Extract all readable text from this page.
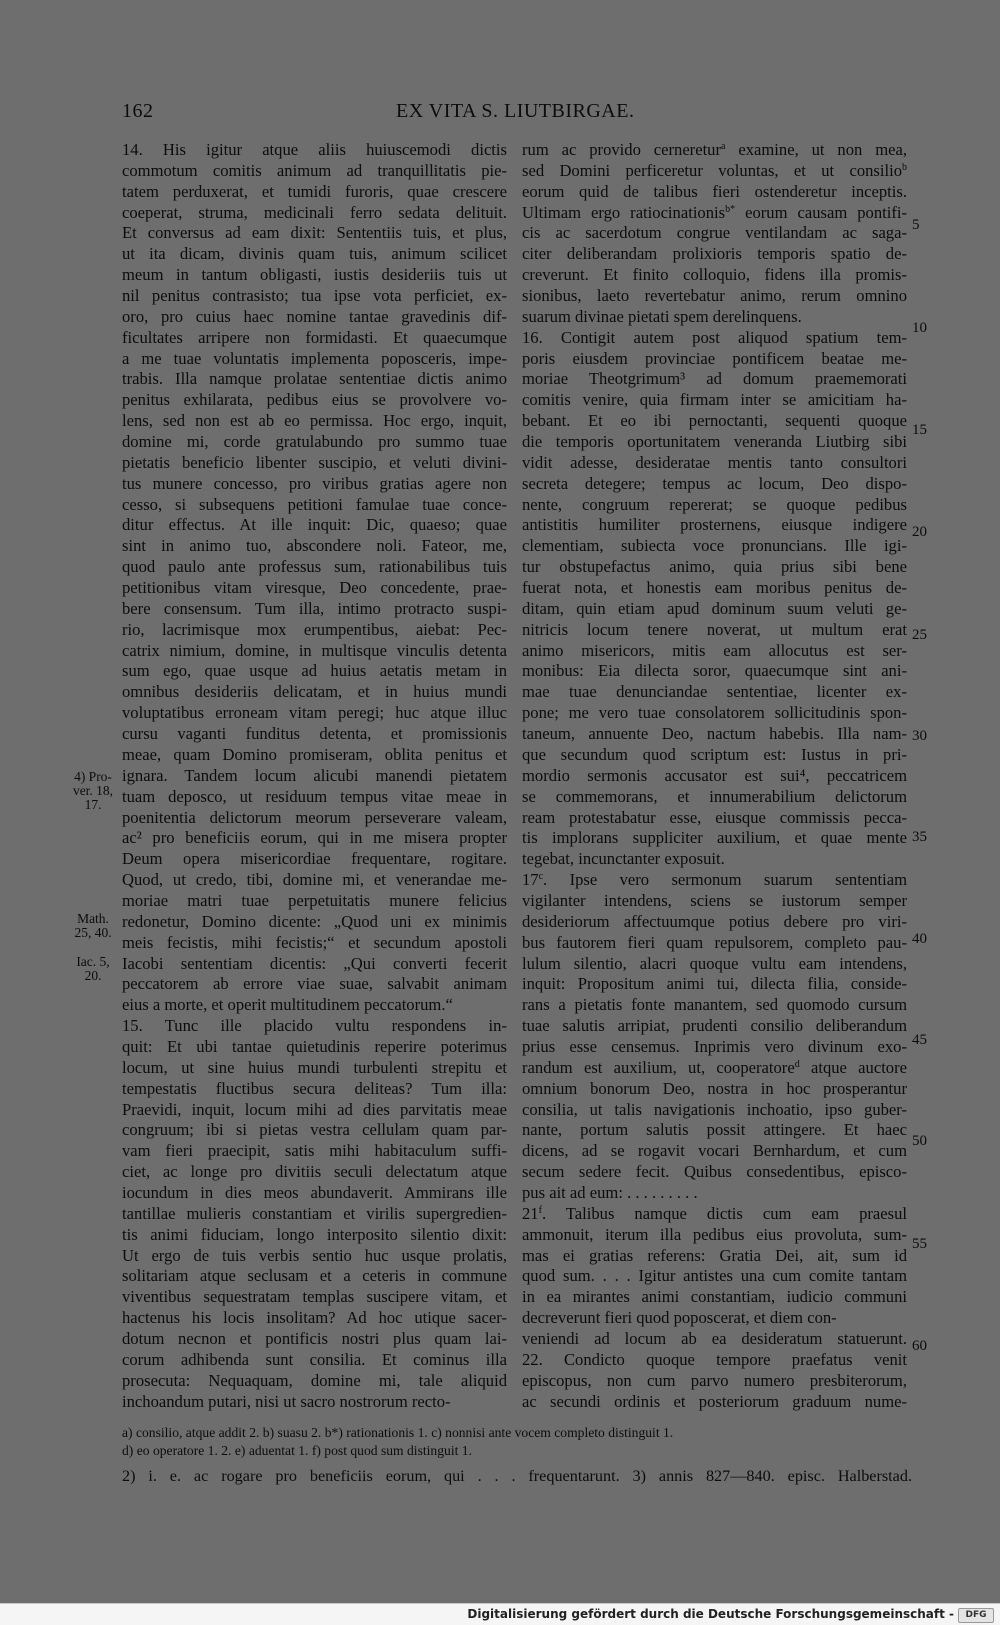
162	EX VITA S. LIUTBIRGAE.
14. His igitur atque aliis huiuscemodi dictis
commotum comitis animum ad tranquillitatis pie-
tatem perduxerat, et tumidi furoris, quae crescere
coeperat, struma, medicinali ferro sedata delituit.
Et conversus ad eam dixit: Sententiis tuis, et plus,
ut ita dicam, divinis quam tuis, animum scilicet
meum in tantum obligasti, iustis desideriis tuis ut
nil penitus contrasisto; tua ipse vota perficiet, ex-
oro, pro cuius haec nomine tantae gravedinis dif-
ficultates arripere non formidasti. Et quaecumque
a me tuae voluntatis implementa poposceris, impe-
trabis. Illa namque prolatae sententiae dictis animo
penitus exhilarata, pedibus eius se provolvere vo-
lens, sed non est ab eo permissa. Hoc ergo, inquit,
domine mi, corde gratulabundo pro summo tuae
pietatis beneficio libenter suscipio, et veluti divini-
tus munere concesso, pro viribus gratias agere non
cesso, si subsequens petitioni famulae tuae conce-
ditur effectus. At ille inquit: Dic, quaeso; quae
sint in animo tuo, abscondere noli. Fateor, me,
quod paulo ante professus sum, rationabilibus tuis
petitionibus vitam viresque, Deo concedente, prae-
bere consensum. Tum illa, intimo protracto suspi-
rio, lacrimisque mox erumpentibus, aiebat: Pec-
catrix nimium, domine, in multisque vinculis detenta
sum ego, quae usque ad huius aetatis metam in
omnibus desideriis delicatam, et in huius mundi
voluptatibus erroneam vitam peregi; huc atque illuc
cursu vaganti funditus detenta, et promissionis
meae, quam Domino promiseram, oblita penitus et
ignara. Tandem locum alicubi manendi pietatem
tuam deposco, ut residuum tempus vitae meae in
poenitentia delictorum meorum perseverare valeam,
ac² pro beneficiis eorum, qui in me misera propter
Deum opera misericordiae frequentare, rogitare.
Quod, ut credo, tibi, domine mi, et venerandae me-
moriae matri tuae perpetuitatis munere felicius
redonetur, Domino dicente: „Quod uni ex minimis
meis fecistis, mihi fecistis;“ et secundum apostoli
Iacobi sententiam dicentis: „Qui converti fecerit
peccatorem ab errore viae suae, salvabit animam
eius a morte, et operit multitudinem peccatorum.“
15. Tunc ille placido vultu respondens in-
quit: Et ubi tantae quietudinis reperire poterimus
locum, ut sine huius mundi turbulenti strepitu et
tempestatis fluctibus secura delitеas? Tum illa:
Praevidi, inquit, locum mihi ad dies parvitatis meae
congruum; ibi si pietas vestra cellulam quam par-
vam fieri praecipit, satis mihi habitaculum suffi-
ciet, ac longe pro divitiis seculi delectatum atque
iocundum in dies meos abundaverit. Ammirans ille
tantillae mulieris constantiam et virilis supergredien-
tis animi fiduciam, longo interposito silentio dixit:
Ut ergo de tuis verbis sentio huc usque prolatis,
solitariam atque seclusam et a ceteris in commune
viventibus sequestratam templas suscipere vitam, et
hactenus his locis insolitam? Ad hoc utique sacer-
dotum necnon et pontificis nostri plus quam lai-
corum adhibenda sunt consilia. Et cominus illa
prosecuta: Nequaquam, domine mi, tale aliquid
inchoandum putari, nisi ut sacro nostrorum recto-
rum ac provido cerneretur$^a$ examine, ut non mea,
sed Domini perficeretur voluntas, et ut consilio$^b$
eorum quid de talibus fieri ostenderetur inceptis.
Ultimam ergo ratiocinationis$^{b*}$ eorum causam pontifi-
cis ac sacerdotum congrue ventilandam ac saga-
citer deliberandam prolixioris temporis spatio de-
creverunt. Et finito colloquio, fidens illa promis-
sionibus, laeto revertebatur animo, rerum omnino
suarum divinae pietati spem derelinquens.
16. Contigit autem post aliquod spatium tem-
poris eiusdem provinciae pontificem beatae me-
moriae Theotgrimum³ ad domum praememorati
comitis venire, quia firmam inter se amicitiam ha-
bebant. Et eo ibi pernoctanti, sequenti quoque
die temporis oportunitatem veneranda Liutbirg sibi
vidit adesse, desideratae mentis tanto consultori
secreta detegere; tempus ac locum, Deo dispo-
nente, congruum repererat; se quoque pedibus
antistitis humiliter prosternens, eiusque indigere
clementiam, subiecta voce pronuncians. Ille igi-
tur obstupefactus animo, quia prius sibi bene
fuerat nota, et honestis eam moribus penitus de-
ditam, quin etiam apud dominum suum veluti ge-
nitricis locum tenere noverat, ut multum erat
animo misericors, mitis eam allocutus est ser-
monibus: Eia dilecta soror, quaecumque sint ani-
mae tuae denunciandae sententiae, licenter ex-
pone; me vero tuae consolatorem sollicitudinis spon-
taneum, annuente Deo, nactum habebis. Illa nam-
que secundum quod scriptum est: Iustus in pri-
mordio sermonis accusator est sui⁴, peccatricem
se commemorans, et innumerabilium delictorum
ream protestabatur esse, eiusque commissis pecca-
tis implorans suppliciter auxilium, et quae mente
tegebat, incunctanter exposuit.
17$^c$. Ipse vero sermonum suarum sententiam
vigilanter intendens, sciens se iustorum semper
desideriorum affectuumque potius debere pro viri-
bus fautorem fieri quam repulsorem, completo pau-
lulum silentio, alacri quoque vultu eam intendens,
inquit: Propositum animi tui, dilecta filia, conside-
rans a pietatis fonte manantem, sed quomodo cursum
tuae salutis arripiat, prudenti consilio deliberandum
prius esse censemus. Inprimis vero divinum exo-
randum est auxilium, ut, cooperatore$^d$ atque auctore
omnium bonorum Deo, nostra in hoc prosperantur
consilia, ut talis navigationis inchoatio, ipso guber-
nante, portum salutis possit attingere. Et haec
dicens, ad se rogavit vocari Bernhardum, et cum
secum sedere fecit. Quibus consedentibus, episco-
pus ait ad eum: . . . . . . . . .
21$^f$. Talibus namque dictis cum eam praesul
ammonuit, iterum illa pedibus eius provoluta, sum-
mas ei gratias referens: Gratia Dei, ait, sum id
quod sum. . . . Igitur antistes una cum comite tantam
in ea mirantes animi constantiam, iudicio communi
decreverunt fieri quod poposcerat, et diem con-
veniendi ad locum ab ea desideratum statuerunt.
22. Condicto quoque tempore praefatus venit
episcopus, non cum parvo numero presbiterorum,
ac secundi ordinis et posteriorum graduum nume-
5
10
15
20
25
30
35
40
45
50
55
60
4) Pro-
ver. 18,
17.
Math.
25, 40.
Iac. 5,
20.
a) consilio, atque addit 2. b) suasu 2. b*) rationationis 1. c) nonnisi ante vocem completo distinguit 1.
d) eo operatore 1. 2. e) aduentat 1. f) post quod sum distinguit 1.
2) i. e. ac rogare pro beneficiis eorum, qui . . . frequentarunt. 3) annis 827—840. episc. Halberstad.
Digitalisierung gefördert durch die Deutsche Forschungsgemeinschaft -	DFG
